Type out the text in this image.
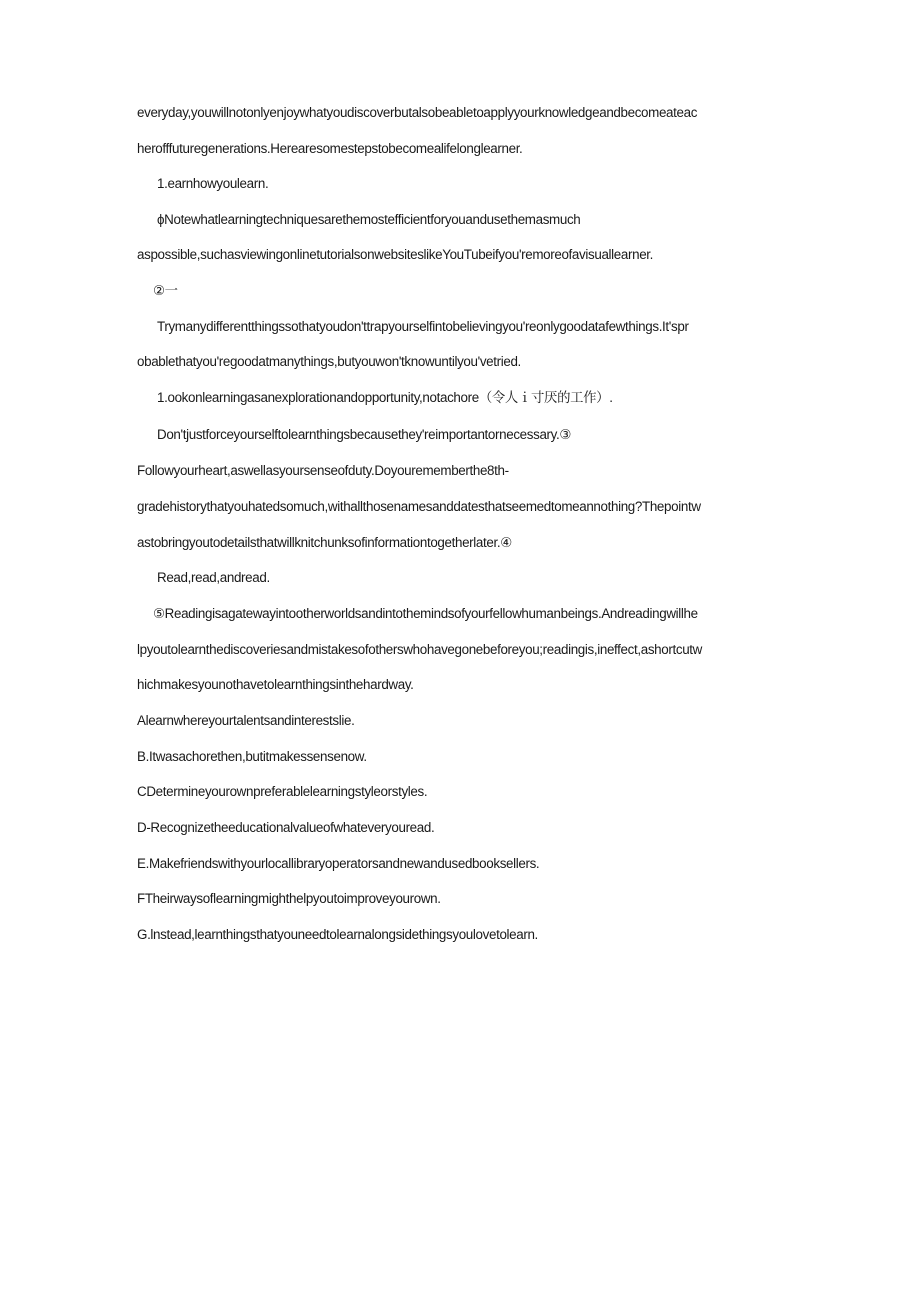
everyday,youwillnotonlyenjoywhatyoudiscoverbutalsobeabletoapplyyourknowledgeandbecomeateac
herofffuturegenerations.Herearesomestepstobecomealifelonglearner.
1.earnhowyoulearn.
ϕNotewhatlearningtechniquesarethemostefficientforyouandusethemasmuch
aspossible,suchasviewingonlinetutorialsonwebsiteslikeYouTubeifyou'remoreofavisuallearner.
②一
Trymanydifferentthingssothatyoudon'ttrapyourselfintobelievingyou'reonlygoodatafewthings.It'spr
obablethatyou'regoodatmanythings,butyouwon'tknowuntilyou'vetried.
1.ookonlearningasanexplorationandopportunity,notachore（令人ｉ寸厌的工作）.
Don'tjustforceyourselftolearnthingsbecausethey'reimportantornecessary.③
Followyourheart,aswellasyoursenseofduty.Doyourememberthe8th-
gradehistorythatyouhatedsomuch,withallthosenamesanddatesthatseemedtomeannothing?Thepointw
astobringyoutodetailsthatwillknitchunksofinformationtogetherlater.④
Read,read,andread.
⑤Readingisagatewayintootherworldsandintothemindsofyourfellowhumanbeings.Andreadingwillhe
lpyoutolearnthediscoveriesandmistakesofotherswhohavegonebeforeyou;readingis,ineffect,ashortcutw
hichmakesyounothavetolearnthingsinthehardway.
Alearnwhereyourtalentsandinterestslie.
B.Itwasachorethen,butitmakessensenow.
CDetermineyourownpreferablelearningstyleorstyles.
D-Recognizetheeducationalvalueofwhateveryouread.
E.Makefriendswithyourlocallibraryoperatorsandnewandusedbooksellers.
FTheirwaysoflearningmighthelpyoutoimproveyourown.
G.lnstead,learnthingsthatyouneedtolearnalongsidethingsyoulovetolearn.
